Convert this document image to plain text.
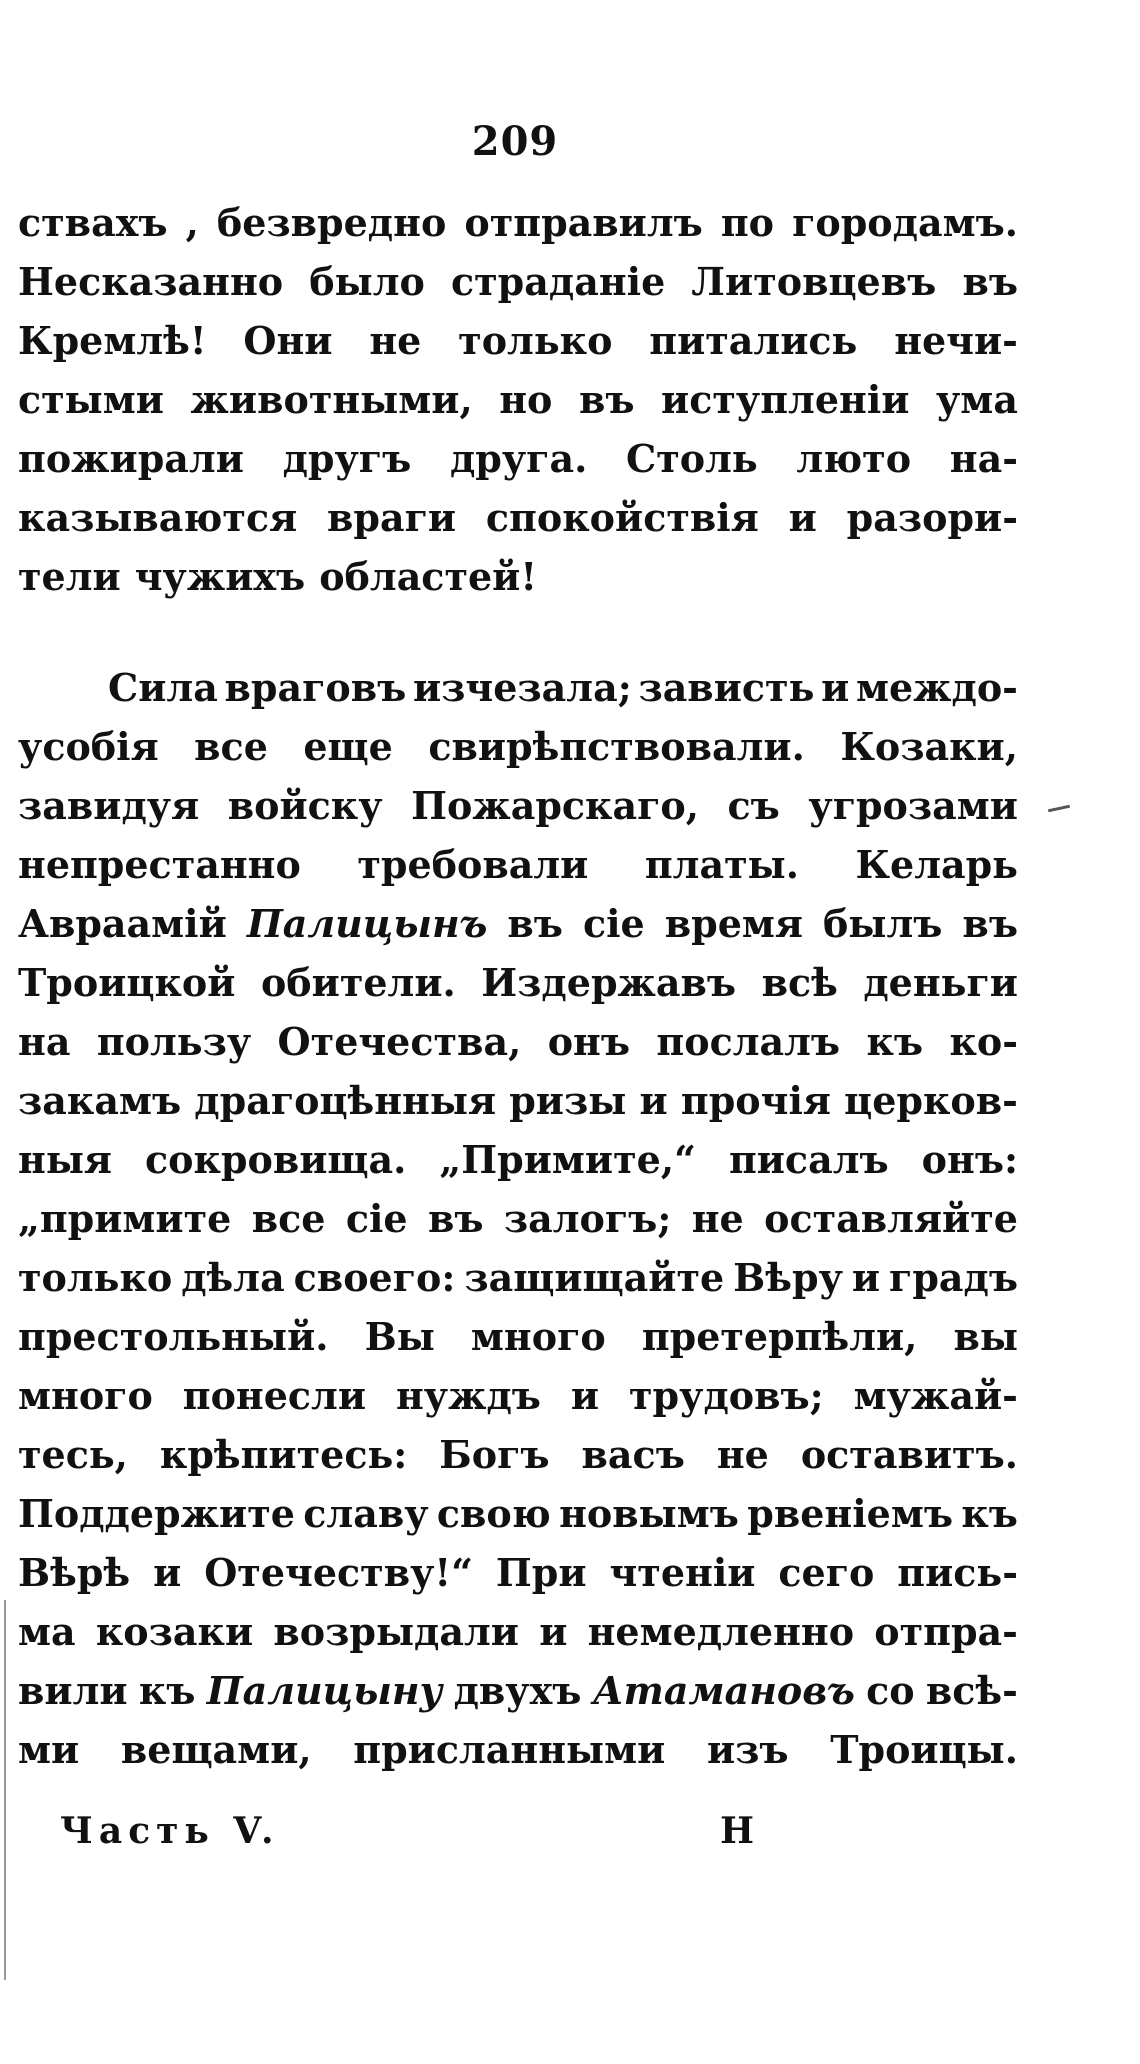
209
ствахъ , безвредно отправилъ по городамъ.
Несказанно было страданіе Литовцевъ въ
Кремлѣ! Они не только питались нечи-
стыми животными, но въ иступленіи ума
пожирали другъ друга. Столь люто на-
казываются враги спокойствія и разори-
тели чужихъ областей!
Сила враговъ изчезала; зависть и междо-
усобія все еще свирѣпствовали. Козаки,
завидуя войску Пожарскаго, съ угрозами
непрестанно требовали платы. Келарь
Авраамій Палицынъ въ сіе время былъ въ
Троицкой обители. Издержавъ всѣ деньги
на пользу Отечества, онъ послалъ къ ко-
закамъ драгоцѣнныя ризы и прочія церков-
ныя сокровища. „Примите,“ писалъ онъ:
„примите все сіе въ залогъ; не оставляйте
только дѣла своего: защищайте Вѣру и градъ
престольный. Вы много претерпѣли, вы
много понесли нуждъ и трудовъ; мужай-
тесь, крѣпитесь: Богъ васъ не оставитъ.
Поддержите славу свою новымъ рвеніемъ къ
Вѣрѣ и Отечеству!“ При чтеніи сего пись-
ма козаки возрыдали и немедленно отпра-
вили къ Палицыну двухъ Атамановъ со всѣ-
ми вещами, присланными изъ Троицы.
Часть V.	Н
